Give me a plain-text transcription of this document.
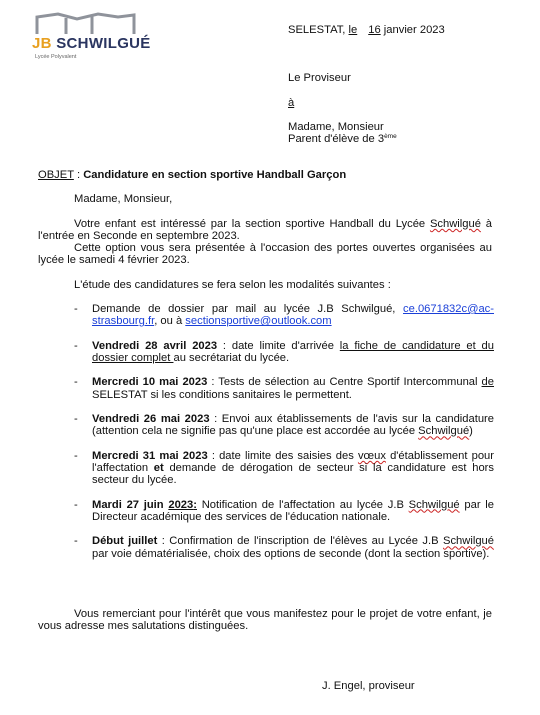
JB SCHWILGUÉ
Lycée Polyvalent
SELESTAT, le 16 janvier 2023
Le Proviseur
à
Madame, Monsieur
Parent d'élève de 3ème
OBJET : Candidature en section sportive Handball Garçon
Madame, Monsieur,
Votre enfant est intéressé par la section sportive Handball du Lycée Schwilgué à l'entrée en Seconde en septembre 2023.
Cette option vous sera présentée à l'occasion des portes ouvertes organisées au lycée le samedi 4 février 2023.
L'étude des candidatures se fera selon les modalités suivantes :
- Demande de dossier par mail au lycée J.B Schwilgué, ce.0671832c@ac-strasbourg.fr, ou à sectionsportive@outlook.com
- Vendredi 28 avril 2023 : date limite d'arrivée la fiche de candidature et du dossier complet au secrétariat du lycée.
- Mercredi 10 mai 2023 : Tests de sélection au Centre Sportif Intercommunal de SELESTAT si les conditions sanitaires le permettent.
- Vendredi 26 mai 2023 : Envoi aux établissements de l'avis sur la candidature (attention cela ne signifie pas qu'une place est accordée au lycée Schwilgué)
- Mercredi 31 mai 2023 : date limite des saisies des vœux d'établissement pour l'affectation et demande de dérogation de secteur si la candidature est hors secteur du lycée.
- Mardi 27 juin 2023: Notification de l'affectation au lycée J.B Schwilgué par le Directeur académique des services de l'éducation nationale.
- Début juillet : Confirmation de l'inscription de l'élèves au Lycée J.B Schwilgué par voie dématérialisée, choix des options de seconde (dont la section sportive).
Vous remerciant pour l'intérêt que vous manifestez pour le projet de votre enfant, je vous adresse mes salutations distinguées.
J. Engel, proviseur
